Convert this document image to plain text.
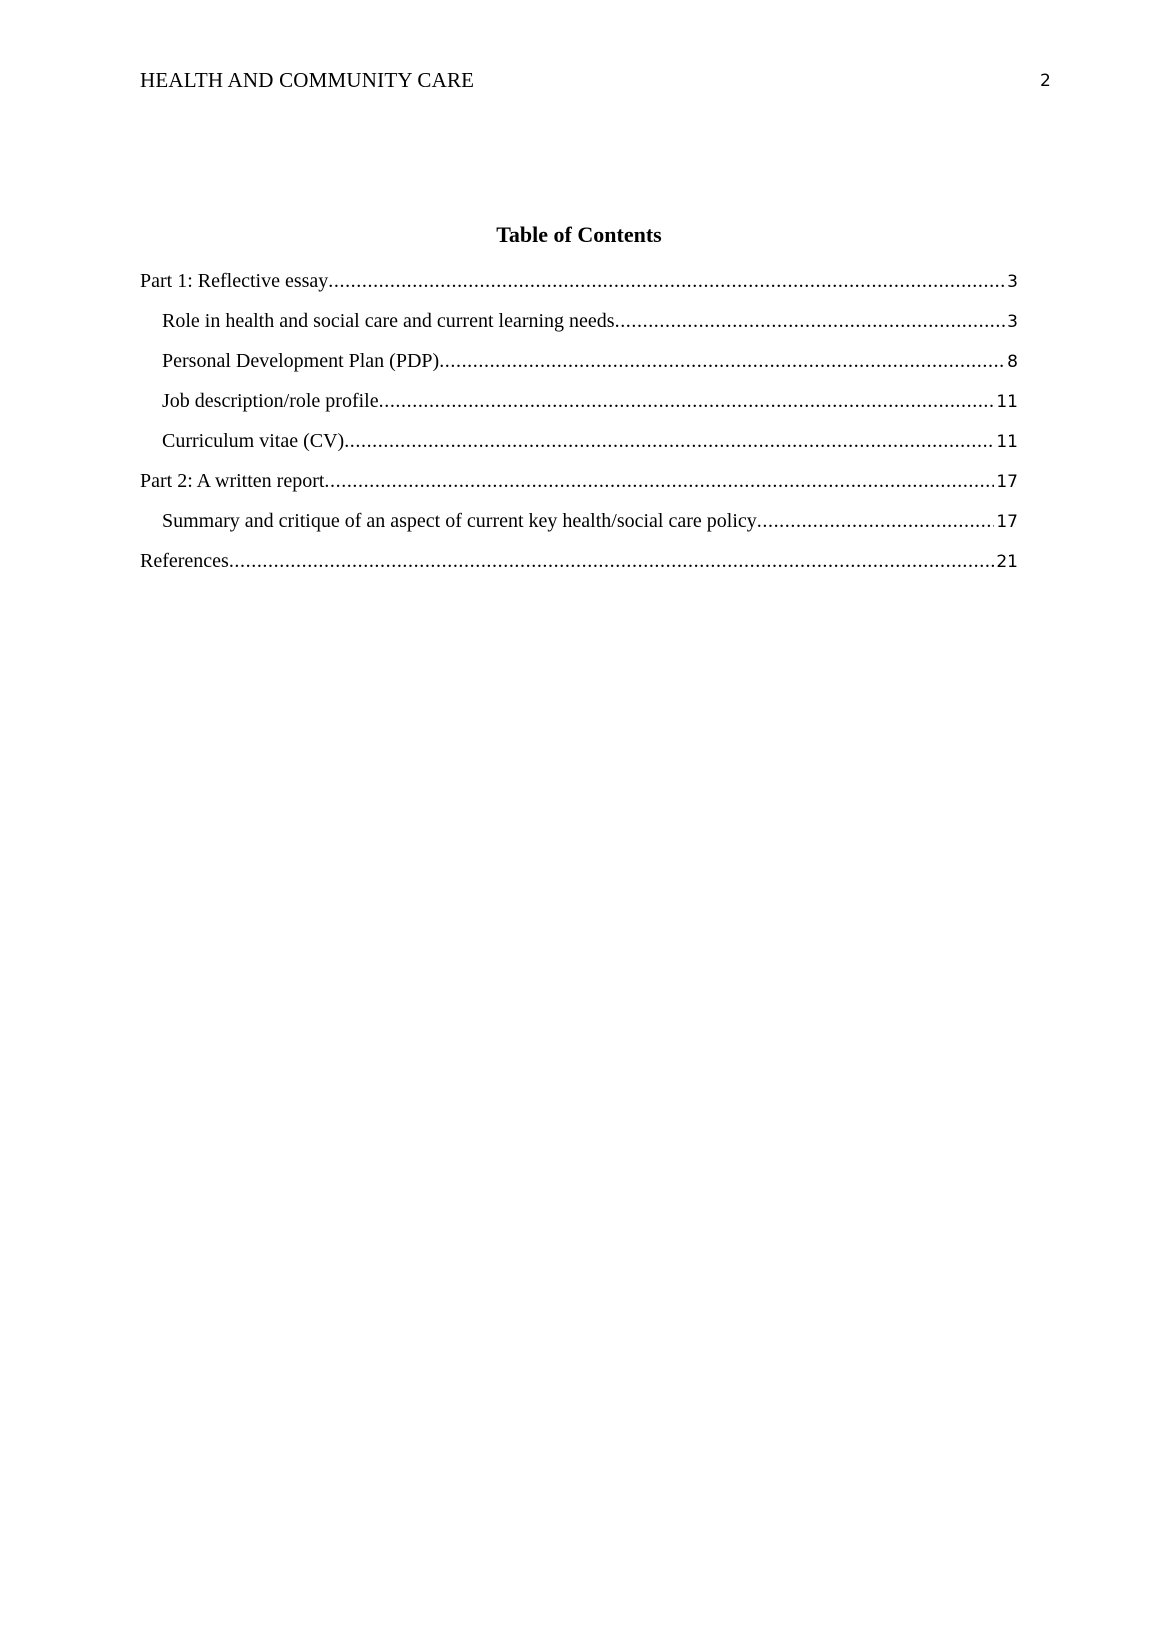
HEALTH AND COMMUNITY CARE	2
Table of Contents
Part 1: Reflective essay .....	3
Role in health and social care and current learning needs .....	3
Personal Development Plan (PDP) .....	8
Job description/role profile .....	11
Curriculum vitae (CV) .....	11
Part 2: A written report .....	17
Summary and critique of an aspect of current key health/social care policy .....	17
References .....	21
